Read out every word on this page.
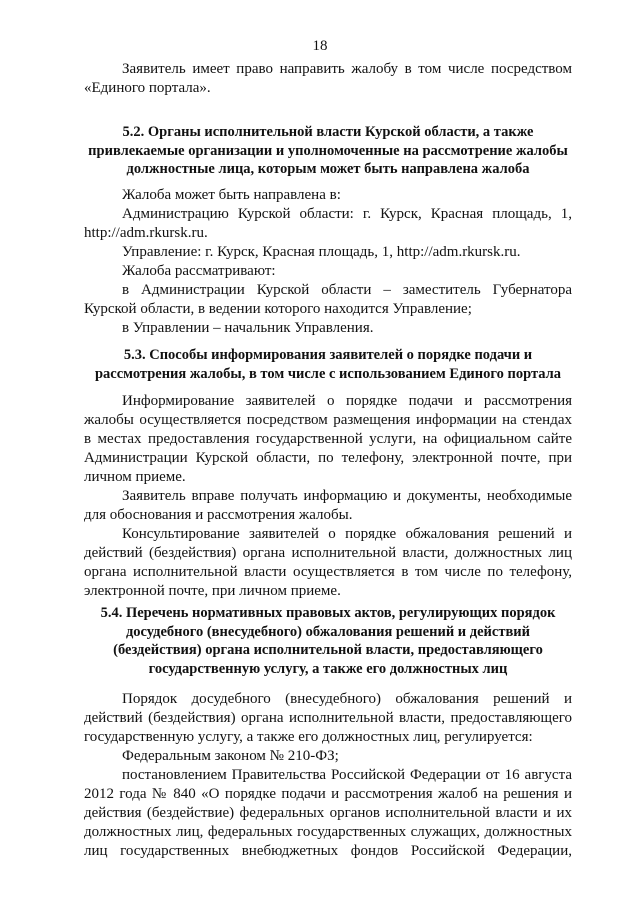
18

Заявитель имеет право направить жалобу в том числе посредством «Единого портала».

5.2. Органы исполнительной власти Курской области, а также привлекаемые организации и уполномоченные на рассмотрение жалобы должностные лица, которым может быть направлена жалоба

Жалоба может быть направлена в:

Администрацию Курской области: г. Курск, Красная площадь, 1, http://adm.rkursk.ru.

Управление: г. Курск, Красная площадь, 1, http://adm.rkursk.ru.

Жалоба рассматривают:

в Администрации Курской области – заместитель Губернатора Курской области, в ведении которого находится Управление;

в Управлении – начальник Управления.

5.3. Способы информирования заявителей о порядке подачи и рассмотрения жалобы, в том числе с использованием Единого портала

Информирование заявителей о порядке подачи и рассмотрения жалобы осуществляется посредством размещения информации на стендах в местах предоставления государственной услуги, на официальном сайте Администрации Курской области, по телефону, электронной почте, при личном приеме.

Заявитель вправе получать информацию и документы, необходимые для обоснования и рассмотрения жалобы.

Консультирование заявителей о порядке обжалования решений и действий (бездействия) органа исполнительной власти, должностных лиц органа исполнительной власти осуществляется в том числе по телефону, электронной почте, при личном приеме.

5.4. Перечень нормативных правовых актов, регулирующих порядок досудебного (внесудебного) обжалования решений и действий (бездействия) органа исполнительной власти, предоставляющего государственную услугу, а также его должностных лиц

Порядок досудебного (внесудебного) обжалования решений и действий (бездействия) органа исполнительной власти, предоставляющего государственную услугу, а также его должностных лиц, регулируется:

Федеральным законом № 210-ФЗ;

постановлением Правительства Российской Федерации от 16 августа 2012 года № 840 «О порядке подачи и рассмотрения жалоб на решения и действия (бездействие) федеральных органов исполнительной власти и их должностных лиц, федеральных государственных служащих, должностных лиц государственных внебюджетных фондов Российской Федерации,
